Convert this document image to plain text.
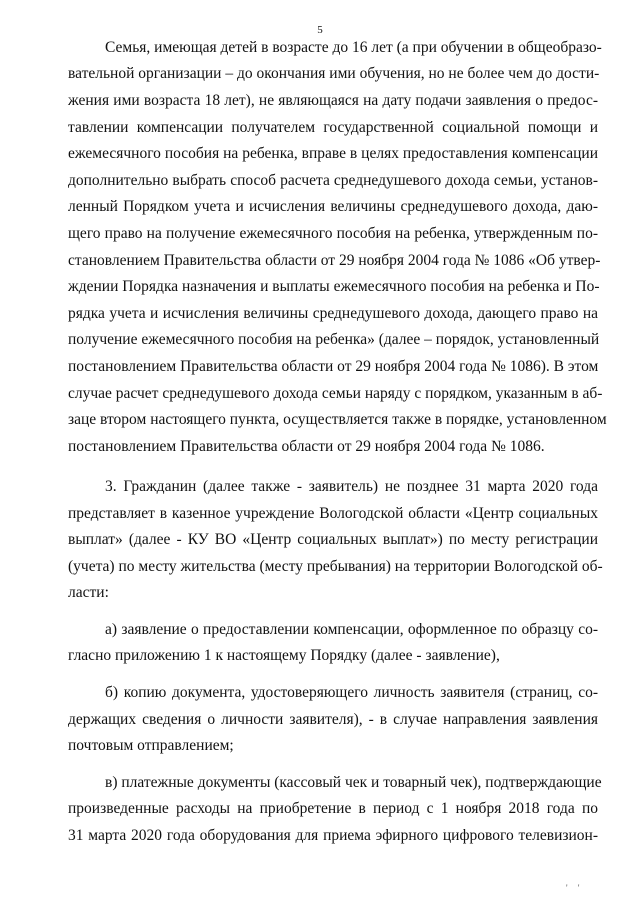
5
Семья, имеющая детей в возрасте до 16 лет (а при обучении в общеобразо-
вательной организации – до окончания ими обучения, но не более чем до дости-
жения ими возраста 18 лет), не являющаяся на дату подачи заявления о предос-
тавлении компенсации получателем государственной социальной помощи и
ежемесячного пособия на ребенка, вправе в целях предоставления компенсации
дополнительно выбрать способ расчета среднедушевого дохода семьи, установ-
ленный Порядком учета и исчисления величины среднедушевого дохода, даю-
щего право на получение ежемесячного пособия на ребенка, утвержденным по-
становлением Правительства области от 29 ноября 2004 года № 1086 «Об утвер-
ждении Порядка назначения и выплаты ежемесячного пособия на ребенка и По-
рядка учета и исчисления величины среднедушевого дохода, дающего право на
получение ежемесячного пособия на ребенка» (далее – порядок, установленный
постановлением Правительства области от 29 ноября 2004 года № 1086). В этом
случае расчет среднедушевого дохода семьи наряду с порядком, указанным в аб-
заце втором настоящего пункта, осуществляется также в порядке, установленном
постановлением Правительства области от 29 ноября 2004 года № 1086.
3. Гражданин (далее также - заявитель) не позднее 31 марта 2020 года
представляет в казенное учреждение Вологодской области «Центр социальных
выплат» (далее - КУ ВО «Центр социальных выплат») по месту регистрации
(учета) по месту жительства (месту пребывания) на территории Вологодской об-
ласти:
а) заявление о предоставлении компенсации, оформленное по образцу со-
гласно приложению 1 к настоящему Порядку (далее - заявление),
б) копию документа, удостоверяющего личность заявителя (страниц, со-
держащих сведения о личности заявителя), - в случае направления заявления
почтовым отправлением;
в) платежные документы (кассовый чек и товарный чек), подтверждающие
произведенные расходы на приобретение в период с 1 ноября 2018 года по
31 марта 2020 года оборудования для приема эфирного цифрового телевизион-
' '
